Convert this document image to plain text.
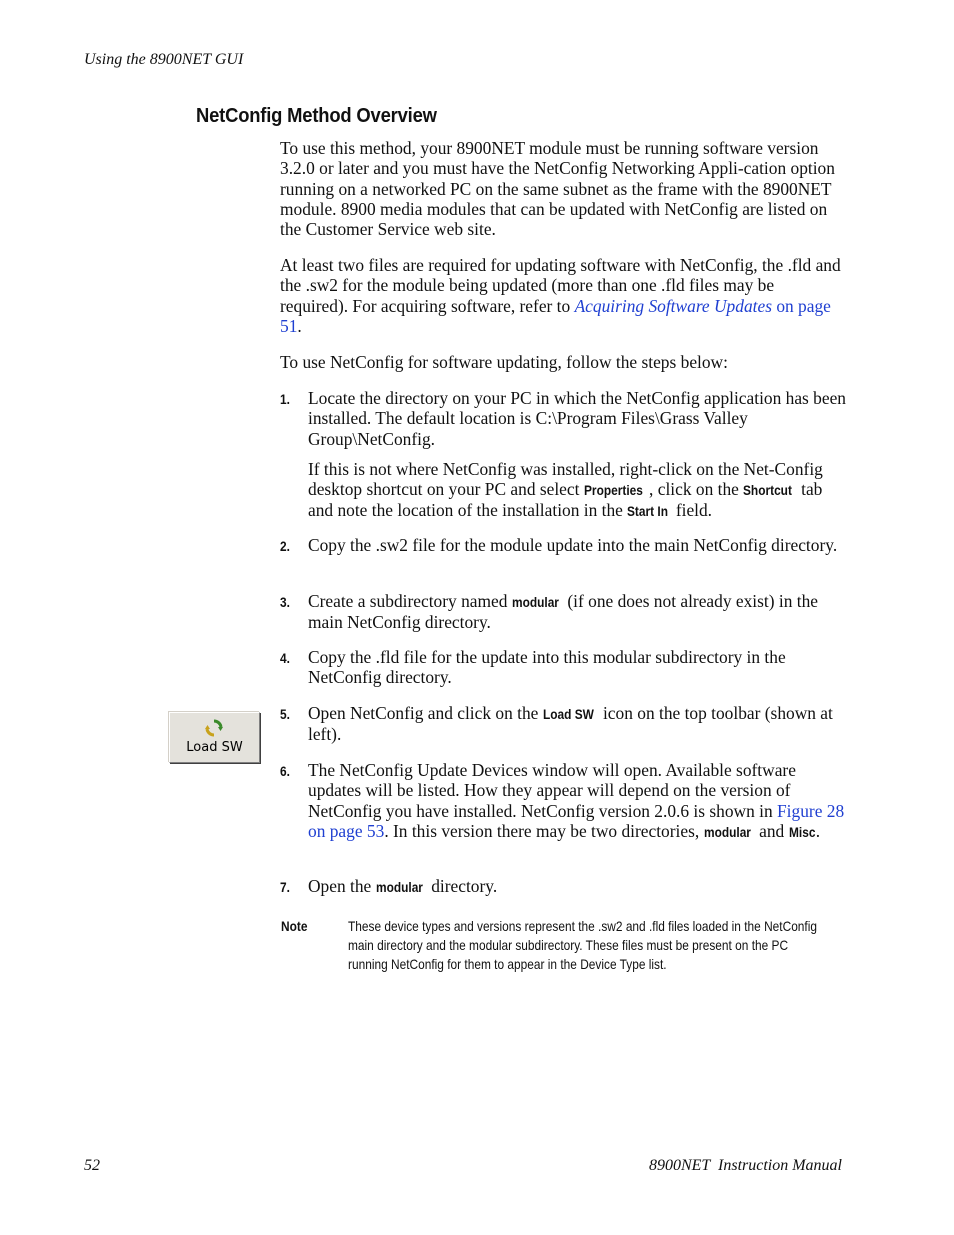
Using the 8900NET GUI
NetConfig Method Overview

To use this method, your 8900NET module must be running software version 3.2.0 or later and you must have the NetConfig Networking Appli-cation option running on a networked PC on the same subnet as the frame with the 8900NET module. 8900 media modules that can be updated with NetConfig are listed on the Customer Service web site.

At least two files are required for updating software with NetConfig, the .fld and the .sw2 for the module being updated (more than one .fld files may be required). For acquiring software, refer to Acquiring Software Updates on page 51.

To use NetConfig for software updating, follow the steps below:

1. Locate the directory on your PC in which the NetConfig application has been installed. The default location is C:\Program Files\Grass Valley Group\NetConfig.
If this is not where NetConfig was installed, right-click on the Net-Config desktop shortcut on your PC and select Properties , click on the Shortcut tab and note the location of the installation in the Start In field.
2. Copy the .sw2 file for the module update into the main NetConfig directory.
3. Create a subdirectory named modular (if one does not already exist) in the main NetConfig directory.
4. Copy the .fld file for the update into this modular subdirectory in the NetConfig directory.
Load SW
5. Open NetConfig and click on the Load SW icon on the top toolbar (shown at left).
6. The NetConfig Update Devices window will open. Available software updates will be listed. How they appear will depend on the version of NetConfig you have installed. NetConfig version 2.0.6 is shown in Figure 28 on page 53. In this version there may be two directories, modular and Misc.
7. Open the modular directory.
Note	These device types and versions represent the .sw2 and .fld files loaded in the NetConfig main directory and the modular subdirectory. These files must be present on the PC running NetConfig for them to appear in the Device Type list.
52	8900NET  Instruction Manual
